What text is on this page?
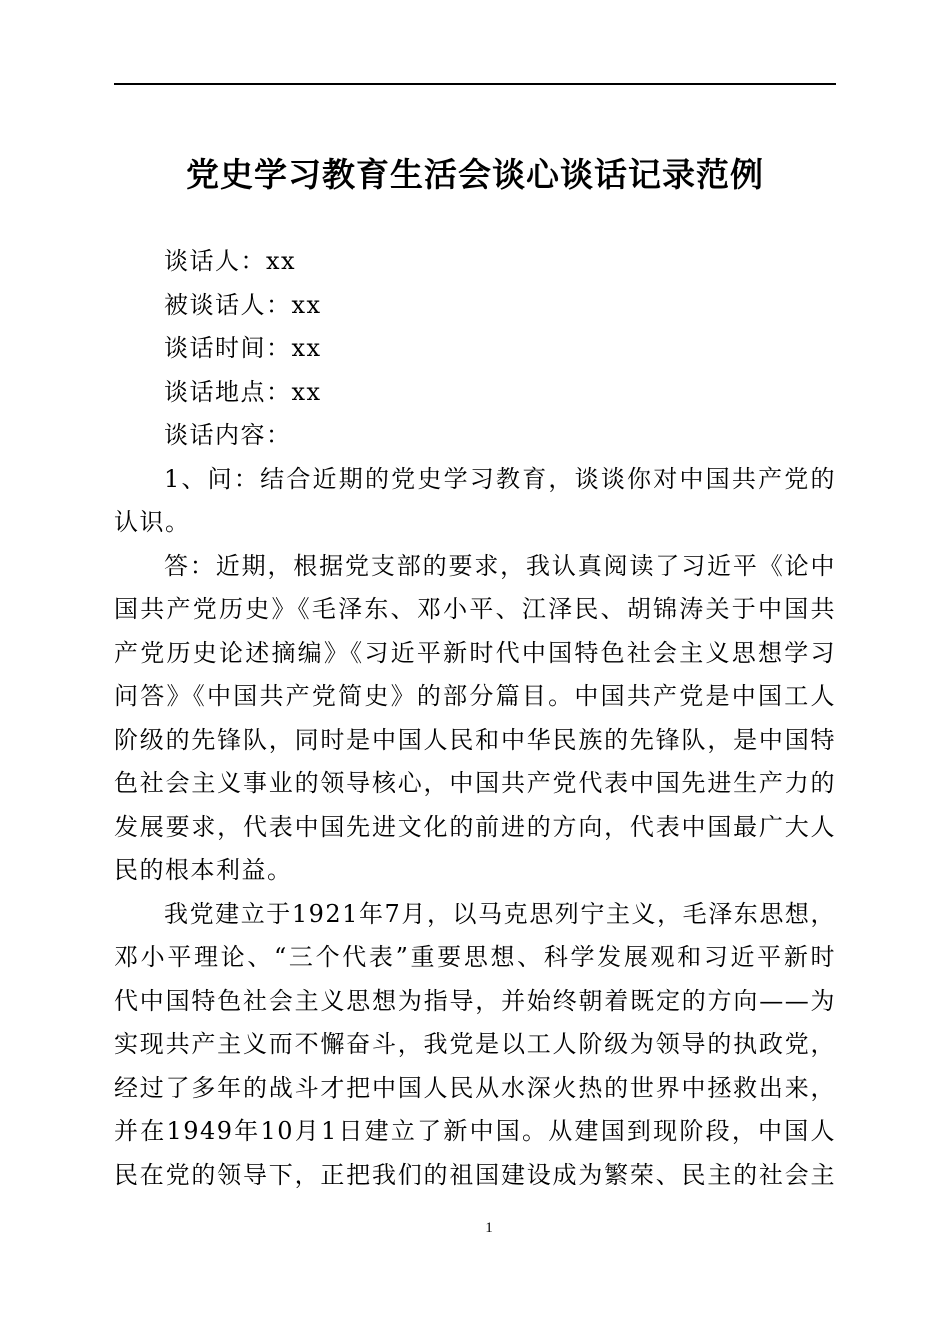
党史学习教育生活会谈心谈话记录范例
谈话人：xx
被谈话人：xx
谈话时间：xx
谈话地点：xx
谈话内容：
1、问：结合近期的党史学习教育，谈谈你对中国共产党的
认识。
答：近期，根据党支部的要求，我认真阅读了习近平《论中
国共产党历史》《毛泽东、邓小平、江泽民、胡锦涛关于中国共
产党历史论述摘编》《习近平新时代中国特色社会主义思想学习
问答》《中国共产党简史》的部分篇目。中国共产党是中国工人
阶级的先锋队，同时是中国人民和中华民族的先锋队，是中国特
色社会主义事业的领导核心，中国共产党代表中国先进生产力的
发展要求，代表中国先进文化的前进的方向，代表中国最广大人
民的根本利益。
我党建立于1921年7月，以马克思列宁主义，毛泽东思想，
邓小平理论、“三个代表”重要思想、科学发展观和习近平新时
代中国特色社会主义思想为指导，并始终朝着既定的方向——为
实现共产主义而不懈奋斗，我党是以工人阶级为领导的执政党，
经过了多年的战斗才把中国人民从水深火热的世界中拯救出来，
并在1949年10月1日建立了新中国。从建国到现阶段，中国人
民在党的领导下，正把我们的祖国建设成为繁荣、民主的社会主
1
